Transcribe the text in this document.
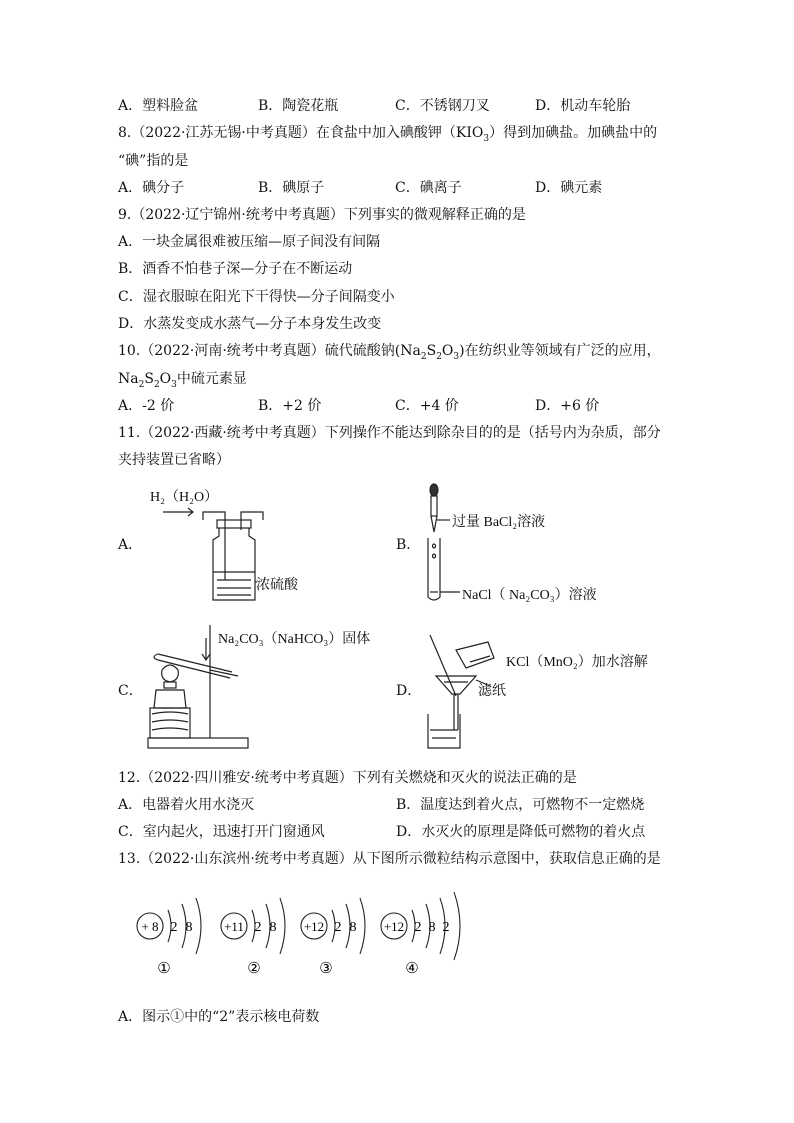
A．塑料脸盆	B．陶瓷花瓶	C．不锈钢刀叉	D．机动车轮胎
8.（2022·江苏无锡·中考真题）在食盐中加入碘酸钾$(KIO_3)$得到加碘盐。加碘盐中的
“碘”指的是
A．碘分子	B．碘原子	C．碘离子	D．碘元素
9.（2022·辽宁锦州·统考中考真题）下列事实的微观解释正确的是
A．一块金属很难被压缩—原子间没有间隔
B．酒香不怕巷子深—分子在不断运动
C．湿衣服晾在阳光下干得快—分子间隔变小
D．水蒸发变成水蒸气—分子本身发生改变
10.（2022·河南·统考中考真题）硫代硫酸钠$(Na_2S_2O_3)$在纺织业等领域有广泛的应用，
$Na_2S_2O_3$中硫元素显
A．-2 价	B．+2 价	C．+4 价	D．+6 价
11.（2022·西藏·统考中考真题）下列操作不能达到除杂目的的是（括号内为杂质，部分
夹持装置已省略）
A．
H₂（H₂O）
浓硫酸
B．
过量 BaCl₂溶液
NaCl（ Na₂CO₃）溶液
C．
Na₂CO₃（NaHCO₃）固体
D．
KCl（MnO₂）加水溶解
滤纸
12.（2022·四川雅安·统考中考真题）下列有关燃烧和灭火的说法正确的是
A．电器着火用水浇灭	B．温度达到着火点，可燃物不一定燃烧
C．室内起火，迅速打开门窗通风	D．水灭火的原理是降低可燃物的着火点
13.（2022·山东滨州·统考中考真题）从下图所示微粒结构示意图中，获取信息正确的是
+ 8 2 8
①
+11 2 8
②
+12 2 8
③
+12 2 8 2
④
A．图示①中的“2”表示核电荷数
